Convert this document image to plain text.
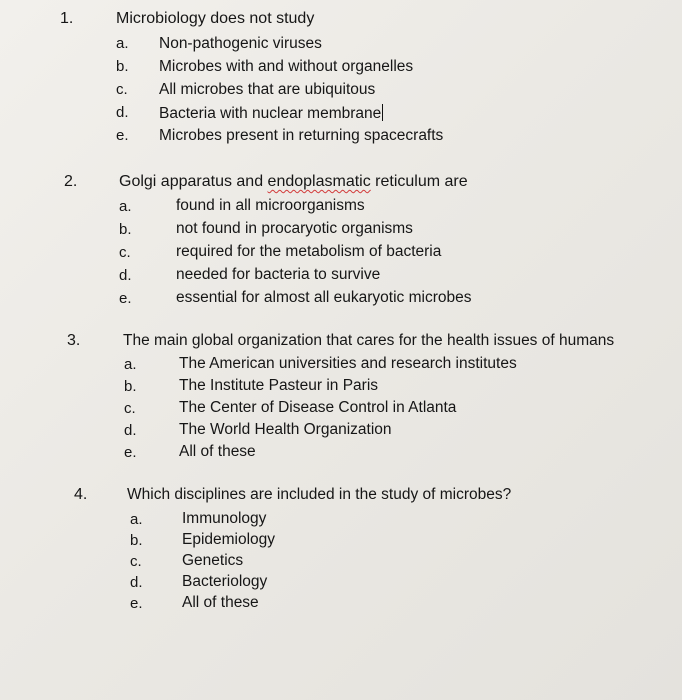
1.	Microbiology does not study
a. Non-pathogenic viruses
b. Microbes with and without organelles
c. All microbes that are ubiquitous
d. Bacteria with nuclear membrane
e. Microbes present in returning spacecrafts
2.	Golgi apparatus and endoplasmatic reticulum are
a.	found in all microorganisms
b.	not found in procaryotic organisms
c.	required for the metabolism of bacteria
d.	needed for bacteria to survive
e.	essential for almost all eukaryotic microbes
3.	The main global organization that cares for the health issues of humans
a.	The American universities and research institutes
b.	The Institute Pasteur in Paris
c.	The Center of Disease Control in Atlanta
d.	The World Health Organization
e.	All of these
4.	Which disciplines are included in the study of microbes?
a.	Immunology
b.	Epidemiology
c.	Genetics
d.	Bacteriology
e.	All of these
